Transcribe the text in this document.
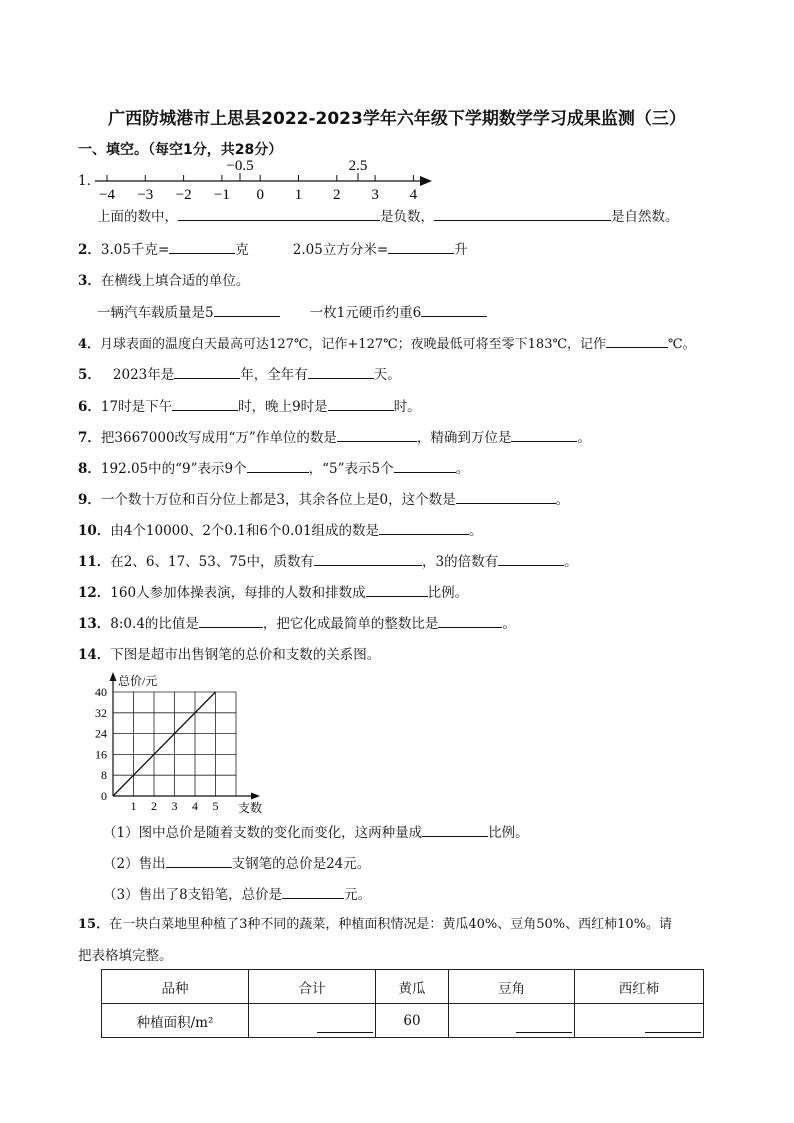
广西防城港市上思县2022-2023学年六年级下学期数学学习成果监测（三）
一、填空。（每空1分，共28分）
1．
−0.5	2.5
−4 −3 −2 −1 0 1 2 3 4
上面的数中，	是负数，	是自然数。
2．3.05千克=	克	2.05立方分米=	升
3．在横线上填合适的单位。
一辆汽车载质量是5	一枚1元硬币约重6
4．月球表面的温度白天最高可达127℃，记作+127℃；夜晚最低可将至零下183℃，记作	℃。
5． 2023年是	年，全年有	天。
6．17时是下午	时，晚上9时是	时。
7．把3667000改写成用“万”作单位的数是	，精确到万位是	。
8．192.05中的“9”表示9个	，“5”表示5个	。
9．一个数十万位和百分位上都是3，其余各位上是0，这个数是	。
10．由4个10000、2个0.1和6个0.01组成的数是	。
11．在2、6、17、53、75中，质数有	，3的倍数有	。
12．160人参加体操表演，每排的人数和排数成	比例。
13．8:0.4的比值是	，把它化成最简单的整数比是	。
14．下图是超市出售钢笔的总价和支数的关系图。
0
8
16
24
32
40
1 2 3 4 5
总价/元
支数
（1）图中总价是随着支数的变化而变化，这两种量成	比例。
（2）售出	支钢笔的总价是24元。
（3）售出了8支铅笔，总价是	元。
15．在一块白菜地里种植了3种不同的蔬菜，种植面积情况是：黄瓜40%、豆角50%、西红柿10%。请
把表格填完整。
品种	合计	黄瓜	豆角	西红柿
种植面积/m²		60		
